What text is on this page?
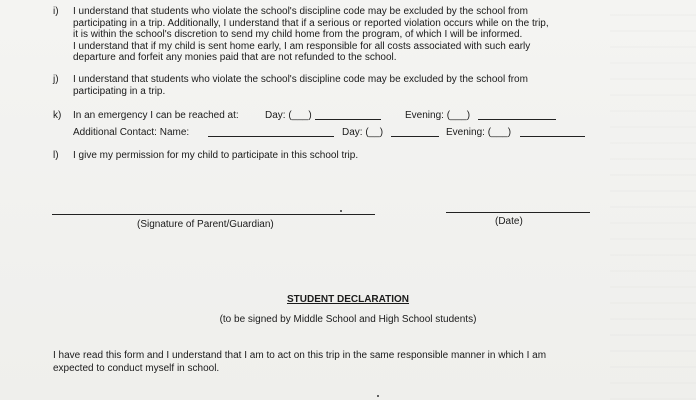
i) I understand that students who violate the school's discipline code may be excluded by the school from
participating in a trip. Additionally, I understand that if a serious or reported violation occurs while on the trip,
it is within the school's discretion to send my child home from the program, of which I will be informed.
I understand that if my child is sent home early, I am responsible for all costs associated with such early
departure and forfeit any monies paid that are not refunded to the school.
j) I understand that students who violate the school's discipline code may be excluded by the school from
participating in a trip.
k) In an emergency I can be reached at:	Day: (___)	Evening: (___)
Additional Contact: Name:	Day: (__)	Evening: (___)
l) I give my permission for my child to participate in this school trip.
(Signature of Parent/Guardian)	(Date)
STUDENT DECLARATION
(to be signed by Middle School and High School students)
I have read this form and I understand that I am to act on this trip in the same responsible manner in which I am
expected to conduct myself in school.
